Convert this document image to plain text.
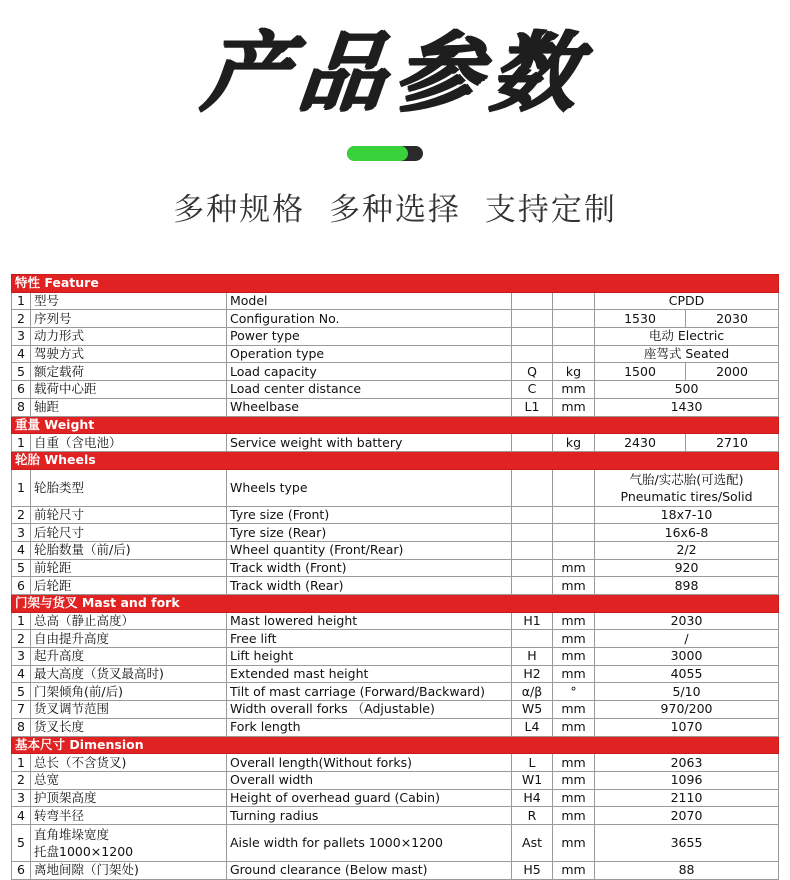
产品参数
多种规格 多种选择 支持定制
特性 Feature						
1	型号	Model			CPDD	
2	序列号	Configuration No.			1530	2030
3	动力形式	Power type			电动 Electric	
4	驾驶方式	Operation type			座驾式 Seated	
5	额定载荷	Load capacity	Q	kg	1500	2000
6	载荷中心距	Load center distance	C	mm	500	
8	轴距	Wheelbase	L1	mm	1430	
重量 Weight						
1	自重（含电池）	Service weight with battery		kg	2430	2710
轮胎 Wheels						
1	轮胎类型	Wheels type			气胎/实芯胎(可选配)
Pneumatic tires/Solid	
2	前轮尺寸	Tyre size (Front)			18x7-10	
3	后轮尺寸	Tyre size (Rear)			16x6-8	
4	轮胎数量（前/后)	Wheel quantity (Front/Rear)			2/2	
5	前轮距	Track width (Front)		mm	920	
6	后轮距	Track width (Rear)		mm	898	
门架与货叉 Mast and fork						
1	总高（静止高度）	Mast lowered height	H1	mm	2030	
2	自由提升高度	Free lift		mm	/	
3	起升高度	Lift height	H	mm	3000	
4	最大高度（货叉最高时)	Extended mast height	H2	mm	4055	
5	门架倾角(前/后)	Tilt of mast carriage (Forward/Backward)	α/β	°	5/10	
7	货叉调节范围	Width overall forks （Adjustable)	W5	mm	970/200	
8	货叉长度	Fork length	L4	mm	1070	
基本尺寸 Dimension						
1	总长（不含货叉)	Overall length(Without forks)	L	mm	2063	
2	总宽	Overall width	W1	mm	1096	
3	护顶架高度	Height of overhead guard (Cabin)	H4	mm	2110	
4	转弯半径	Turning radius	R	mm	2070	
5	直角堆垛宽度
托盘1000×1200	Aisle width for pallets 1000×1200	Ast	mm	3655	
6	离地间隙（门架处)	Ground clearance (Below mast)	H5	mm	88	
